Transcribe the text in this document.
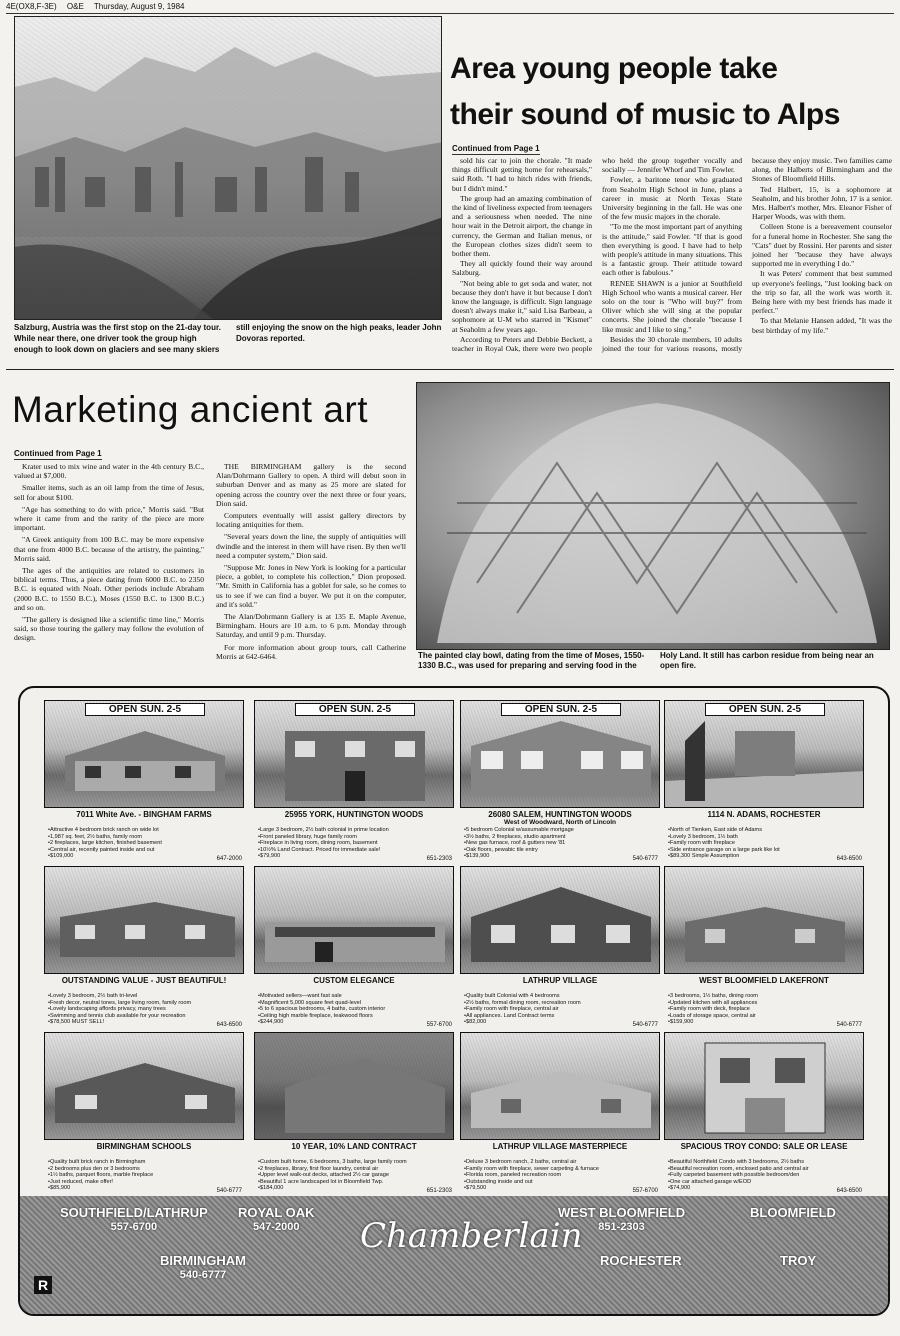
4E(OX8,F-3E) O&E Thursday, August 9, 1984
Salzburg, Austria was the first stop on the 21-day tour. While near there, one driver took the group high enough to look down on glaciers and see many skiers still enjoying the snow on the high peaks, leader John Dovoras reported.
Area young people take
their sound of music to Alps
Continued from Page 1

sold his car to join the chorale. "It made things difficult getting home for rehearsals," said Roth. "I had to hitch rides with friends, but I didn't mind."

The group had an amazing combination of the kind of liveliness expected from teenagers and a seriousness when needed. The nine hour wait in the Detroit airport, the change in currency, the German and Italian menus, or the European clothes sizes didn't seem to bother them.

They all quickly found their way around Salzburg.

"Not being able to get soda and water, not because they don't have it but because I don't know the language, is difficult. Sign language doesn't always make it," said Lisa Barbeau, a sophomore at U-M who starred in "Kismet" at Seaholm a few years ago.

According to Peters and Debbie Beckett, a teacher in Royal Oak, there were two people who held the group together vocally and socially — Jennifer Whorf and Tim Fowler.

Fowler, a baritone tenor who graduated from Seaholm High School in June, plans a career in music at North Texas State University beginning in the fall. He was one of the few music majors in the chorale.

"To me the most important part of anything is the attitude," said Fowler. "If that is good then everything is good. I have had to help with people's attitude in many situations. This is a fantastic group. Their attitude toward each other is fabulous."

RENEE SHAWN is a junior at Southfield High School who wants a musical career. Her solo on the tour is "Who will buy?" from Oliver which she will sing at the popular concerts. She joined the chorale "because I like music and I like to sing."

Besides the 30 chorale members, 10 adults joined the tour for various reasons, mostly because they enjoy music. Two families came along, the Halberts of Birmingham and the Stones of Bloomfield Hills.

Ted Halbert, 15, is a sophomore at Seaholm, and his brother John, 17 is a senior. Mrs. Halbert's mother, Mrs. Eleanor Fisher of Harper Woods, was with them.

Colleen Stone is a bereavement counselor for a funeral home in Rochester. She sang the "Cats" duet by Rossini. Her parents and sister joined her "because they have always supported me in everything I do."

It was Peters' comment that best summed up everyone's feelings, "Just looking back on the trip so far, all the work was worth it. Being here with my best friends has made it perfect."

To that Melanie Hansen added, "It was the best birthday of my life."

Marketing ancient art
Continued from Page 1

Krater used to mix wine and water in the 4th century B.C., valued at $7,000.

Smaller items, such as an oil lamp from the time of Jesus, sell for about $100.

"Age has something to do with price," Morris said. "But where it came from and the rarity of the piece are more important.

"A Greek antiquity from 100 B.C. may be more expensive that one from 4000 B.C. because of the artistry, the painting," Morris said.

The ages of the antiquities are related to customers in biblical terms. Thus, a piece dating from 6000 B.C. to 2350 B.C. is equated with Noah. Other periods include Abraham (2000 B.C. to 1550 B.C.), Moses (1550 B.C. to 1300 B.C.) and so on.

"The gallery is designed like a scientific time line," Morris said, so those touring the gallery may follow the evolution of design.

THE BIRMINGHAM gallery is the second Alan/Dohrmann Gallery to open. A third will debut soon in suburban Denver and as many as 25 more are slated for opening across the country over the next three or four years, Dion said.

Computers eventually will assist gallery directors by locating antiquities for them.

"Several years down the line, the supply of antiquities will dwindle and the interest in them will have risen. By then we'll need a computer system," Dion said.

"Suppose Mr. Jones in New York is looking for a particular piece, a goblet, to complete his collection," Dion proposed. "Mr. Smith in California has a goblet for sale, so he comes to us to see if we can find a buyer. We put it on the computer, and it's sold."

The Alan/Dohrmann Gallery is at 135 E. Maple Avenue, Birmingham. Hours are 10 a.m. to 6 p.m. Monday through Saturday, and until 9 p.m. Thursday.

For more information about group tours, call Catherine Morris at 642-6464.	The painted clay bowl, dating from the time of Moses, 1550-1330 B.C., was used for preparing and serving food in the Holy Land. It still has carbon residue from being near an open fire.
OPEN SUN. 2-5
7011 White Ave. - BINGHAM FARMS
• Attractive 4 bedroom brick ranch on wide lot
• 1,987 sq. feet, 2½ baths, family room
• 2 fireplaces, large kitchen, finished basement
• Central air, recently painted inside and out
• $109,000	647-2000
OPEN SUN. 2-5
25955 YORK, HUNTINGTON WOODS
• Large 3 bedroom, 2½ bath colonial in prime location
• Front paneled library, huge family room
• Fireplace in living room, dining room, basement
• 10½% Land Contract. Priced for immediate sale!
• $79,900	651-2303
OPEN SUN. 2-5
26080 SALEM, HUNTINGTON WOODS
West of Woodward, North of Lincoln
• 5 bedroom Colonial w/assumable mortgage
• 3½ baths, 2 fireplaces, studio apartment
• New gas furnace, roof & gutters new '81
• Oak floors, pewabic tile entry
• $139,900	540-6777
OPEN SUN. 2-5
1114 N. ADAMS, ROCHESTER
• North of Tienken, East side of Adams
• Lovely 3 bedroom, 1½ bath
• Family room with fireplace
• Side entrance garage on a large park like lot
• $89,300 Simple Assumption	643-6500
OUTSTANDING VALUE - JUST BEAUTIFUL!
• Lovely 3 bedroom, 2½ bath tri-level
• Fresh decor, neutral tones, large living room, family room
• Lovely landscaping affords privacy, many trees
• Swimming and tennis club available for your recreation
• $78,500 MUST SELL!	643-6500
CUSTOM ELEGANCE
• Motivated sellers—want fast sale
• Magnificent 5,000 square feet quad-level
• 5 to 6 spacious bedrooms, 4 baths, custom interior
• Ceiling high marble fireplace, teakwood floors
• $244,900	557-6700
LATHRUP VILLAGE
• Quality built Colonial with 4 bedrooms
• 2½ baths, formal dining room, recreation room
• Family room with fireplace, central air
• All appliances. Land Contract terms
• $82,000	540-6777
WEST BLOOMFIELD LAKEFRONT
• 3 bedrooms, 1½ baths, dining room
• Updated kitchen with all appliances
• Family room with deck, fireplace
• Loads of storage space, central air
• $159,900	540-6777
BIRMINGHAM SCHOOLS
• Quality built brick ranch in Birmingham
• 2 bedrooms plus den or 3 bedrooms
• 1½ baths, parquet floors, marble fireplace
• Just reduced, make offer!
• $85,900	540-6777
10 YEAR, 10% LAND CONTRACT
• Custom built home, 6 bedrooms, 3 baths, large family room
• 2 fireplaces, library, first floor laundry, central air
• Upper level walk-out decks, attached 2½ car garage
• Beautiful 1 acre landscaped lot in Bloomfield Twp.
• $184,000	651-2303
LATHRUP VILLAGE MASTERPIECE
• Deluxe 3 bedroom ranch, 2 baths, central air
• Family room with fireplace, sewer carpeting & furnace
• Florida room, paneled recreation room
• Outstanding inside and out
• $79,500	557-6700
SPACIOUS TROY CONDO: SALE OR LEASE
• Beautiful Northfield Condo with 3 bedrooms, 2½ baths
• Beautiful recreation room, enclosed patio and central air
• Fully carpeted basement with possible bedroom/den
• One car attached garage w/EOD
• $74,900	643-6500
SOUTHFIELD/LATHRUP
557-6700
ROYAL OAK
547-2000	Chamberlain
WEST BLOOMFIELD
851-2303
BLOOMFIELD
BIRMINGHAM
540-6777
ROCHESTER	TROY
R
